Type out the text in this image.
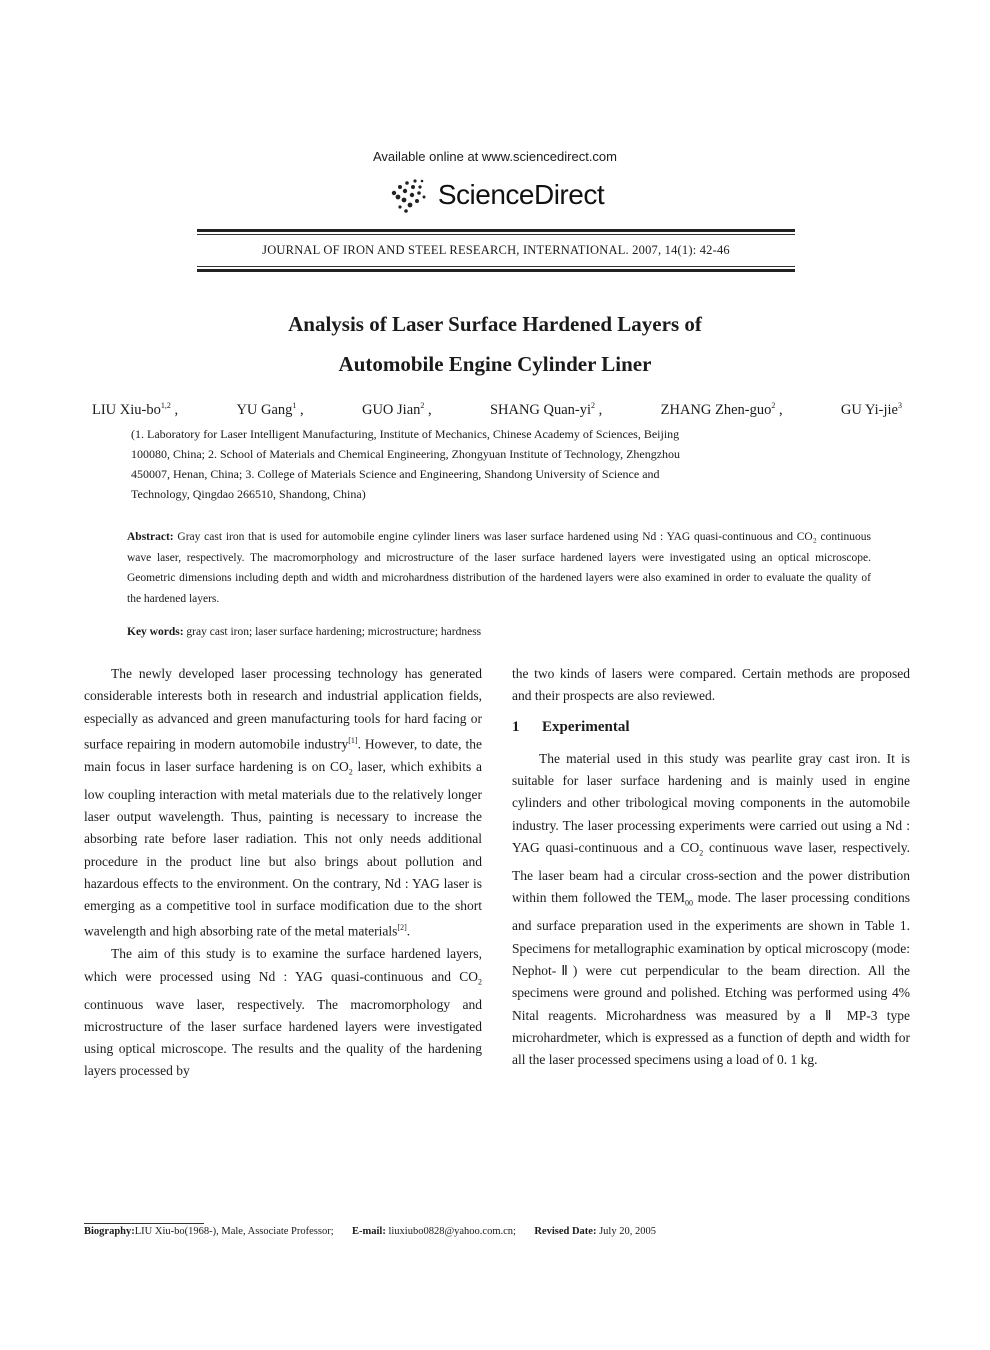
Available online at www.sciencedirect.com
ScienceDirect
JOURNAL OF IRON AND STEEL RESEARCH, INTERNATIONAL. 2007, 14(1): 42-46
Analysis of Laser Surface Hardened Layers of
Automobile Engine Cylinder Liner
LIU Xiu-bo$^{1,2}$ ,	YU Gang$^1$ ,	GUO Jian$^2$ ,	SHANG Quan-$yi^2$ ,	ZHANG Zhen-guo$^2$ ,	GU Yi-jie$^3$
(1. Laboratory for Laser Intelligent Manufacturing, Institute of Mechanics, Chinese Academy of Sciences, Beijing
100080, China; 2. School of Materials and Chemical Engineering, Zhongyuan Institute of Technology, Zhengzhou
450007, Henan, China; 3. College of Materials Science and Engineering, Shandong University of Science and
Technology, Qingdao 266510, Shandong, China)
Abstract: Gray cast iron that is used for automobile engine cylinder liners was laser surface hardened using Nd : YAG quasi-continuous and CO₂ continuous wave laser, respectively. The macromorphology and microstructure of the laser surface hardened layers were investigated using an optical microscope. Geometric dimensions including depth and width and microhardness distribution of the hardened layers were also examined in order to evaluate the quality of the hardened layers.
Key words: gray cast iron; laser surface hardening; microstructure; hardness

The newly developed laser processing technology has generated considerable interests both in research and industrial application fields, especially as advanced and green manufacturing tools for hard facing or surface repairing in modern automobile industry[1]. However, to date, the main focus in laser surface hardening is on $CO_2$ laser, which exhibits a low coupling interaction with metal materials due to the relatively longer laser output wavelength. Thus, painting is necessary to increase the absorbing rate before laser radiation. This not only needs additional procedure in the product line but also brings about pollution and hazardous effects to the environment. On the contrary, Nd : YAG laser is emerging as a competitive tool in surface modification due to the short wavelength and high absorbing rate of the metal materials[2].

The aim of this study is to examine the surface hardened layers, which were processed using Nd : YAG quasi-continuous and $CO_2$ continuous wave laser, respectively. The macromorphology and microstructure of the laser surface hardened layers were investigated using optical microscope. The results and the quality of the hardening layers processed by

the two kinds of lasers were compared. Certain methods are proposed and their prospects are also reviewed.

1 Experimental

The material used in this study was pearlite gray cast iron. It is suitable for laser surface hardening and is mainly used in engine cylinders and other tribological moving components in the automobile industry. The laser processing experiments were carried out using a Nd : YAG quasi-continuous and a $CO_2$ continuous wave laser, respectively. The laser beam had a circular cross-section and the power distribution within them followed the $TEM_{00}$ mode. The laser processing conditions and surface preparation used in the experiments are shown in Table 1. Specimens for metallographic examination by optical microscopy (mode: Nephot-Ⅱ) were cut perpendicular to the beam direction. All the specimens were ground and polished. Etching was performed using 4% Nital reagents. Microhardness was measured by a Ⅱ MP-3 type microhardmeter, which is expressed as a function of depth and width for all the laser processed specimens using a load of 0. 1 kg.

Biography:LIU Xiu-bo(1968-), Male, Associate Professor; E-mail: liuxiubo0828@yahoo.com.cn; Revised Date: July 20, 2005
